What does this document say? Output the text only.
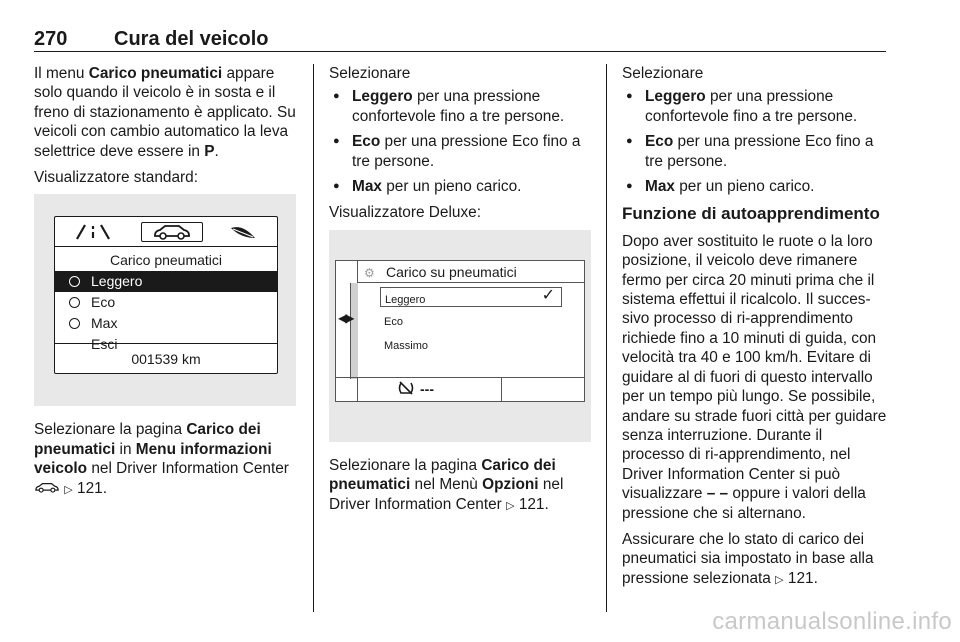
270 Cura del veicolo

Il menu Carico pneumatici appare solo quando il veicolo è in sosta e il freno di stazionamento è applicato. Su veicoli con cambio automatico la leva selettrice deve essere in P.

Visualizzatore standard:

Carico pneumatici
Leggero
Eco
Max
Esci
001539 km

Selezionare la pagina Carico dei pneumatici in Menu informazioni veicolo nel Driver Information Center  ▷ 121.

Selezionare

● Leggero per una pressione confortevole fino a tre persone.
● Eco per una pressione Eco fino a tre persone.
● Max per un pieno carico.

Visualizzatore Deluxe:

◀▶
⚙ Carico su pneumatici
Leggero	✓
Eco
Massimo
---

Selezionare la pagina Carico dei pneumatici nel Menù Opzioni nel Driver Information Center ▷ 121.

Selezionare

● Leggero per una pressione confortevole fino a tre persone.
● Eco per una pressione Eco fino a tre persone.
● Max per un pieno carico.
Funzione di autoapprendimento

Dopo aver sostituito le ruote o la loro posizione, il veicolo deve rimanere fermo per circa 20 minuti prima che il sistema effettui il ricalcolo. Il successivo processo di ri-apprendimento richiede fino a 10 minuti di guida, con velocità tra 40 e 100 km/h. Evitare di guidare al di fuori di questo intervallo per un tempo più lungo. Se possibile, andare su strade fuori città per guidare senza interruzione. Durante il processo di ri-apprendimento, nel Driver Information Center si può visualizzare – – oppure i valori della pressione che si alternano.

Assicurare che lo stato di carico dei pneumatici sia impostato in base alla pressione selezionata ▷ 121.

carmanualsonline.info
